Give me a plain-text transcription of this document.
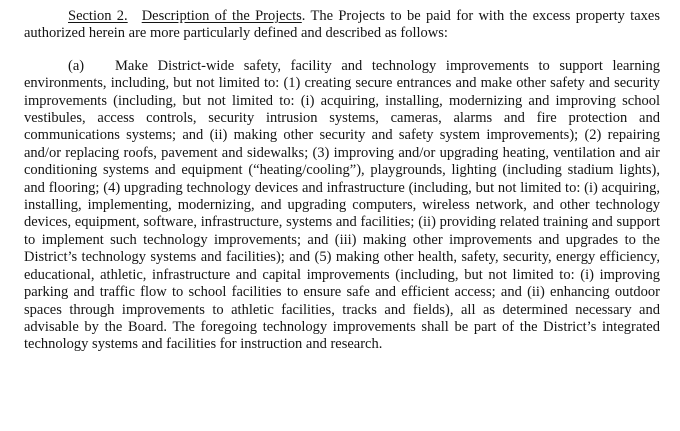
Section 2. Description of the Projects. The Projects to be paid for with the excess property taxes authorized herein are more particularly defined and described as follows:

(a) Make District-wide safety, facility and technology improvements to support learning environments, including, but not limited to: (1) creating secure entrances and make other safety and security improvements (including, but not limited to: (i) acquiring, installing, modernizing and improving school vestibules, access controls, security intrusion systems, cameras, alarms and fire protection and communications systems; and (ii) making other security and safety system improvements); (2) repairing and/or replacing roofs, pavement and sidewalks; (3) improving and/or upgrading heating, ventilation and air conditioning systems and equipment (“heating/cooling”), playgrounds, lighting (including stadium lights), and flooring; (4) upgrading technology devices and infrastructure (including, but not limited to: (i) acquiring, installing, implementing, modernizing, and upgrading computers, wireless network, and other technology devices, equipment, software, infrastructure, systems and facilities; (ii) providing related training and support to implement such technology improvements; and (iii) making other improvements and upgrades to the District’s technology systems and facilities); and (5) making other health, safety, security, energy efficiency, educational, athletic, infrastructure and capital improvements (including, but not limited to: (i) improving parking and traffic flow to school facilities to ensure safe and efficient access; and (ii) enhancing outdoor spaces through improvements to athletic facilities, tracks and fields), all as determined necessary and advisable by the Board. The foregoing technology improvements shall be part of the District’s integrated technology systems and facilities for instruction and research.
